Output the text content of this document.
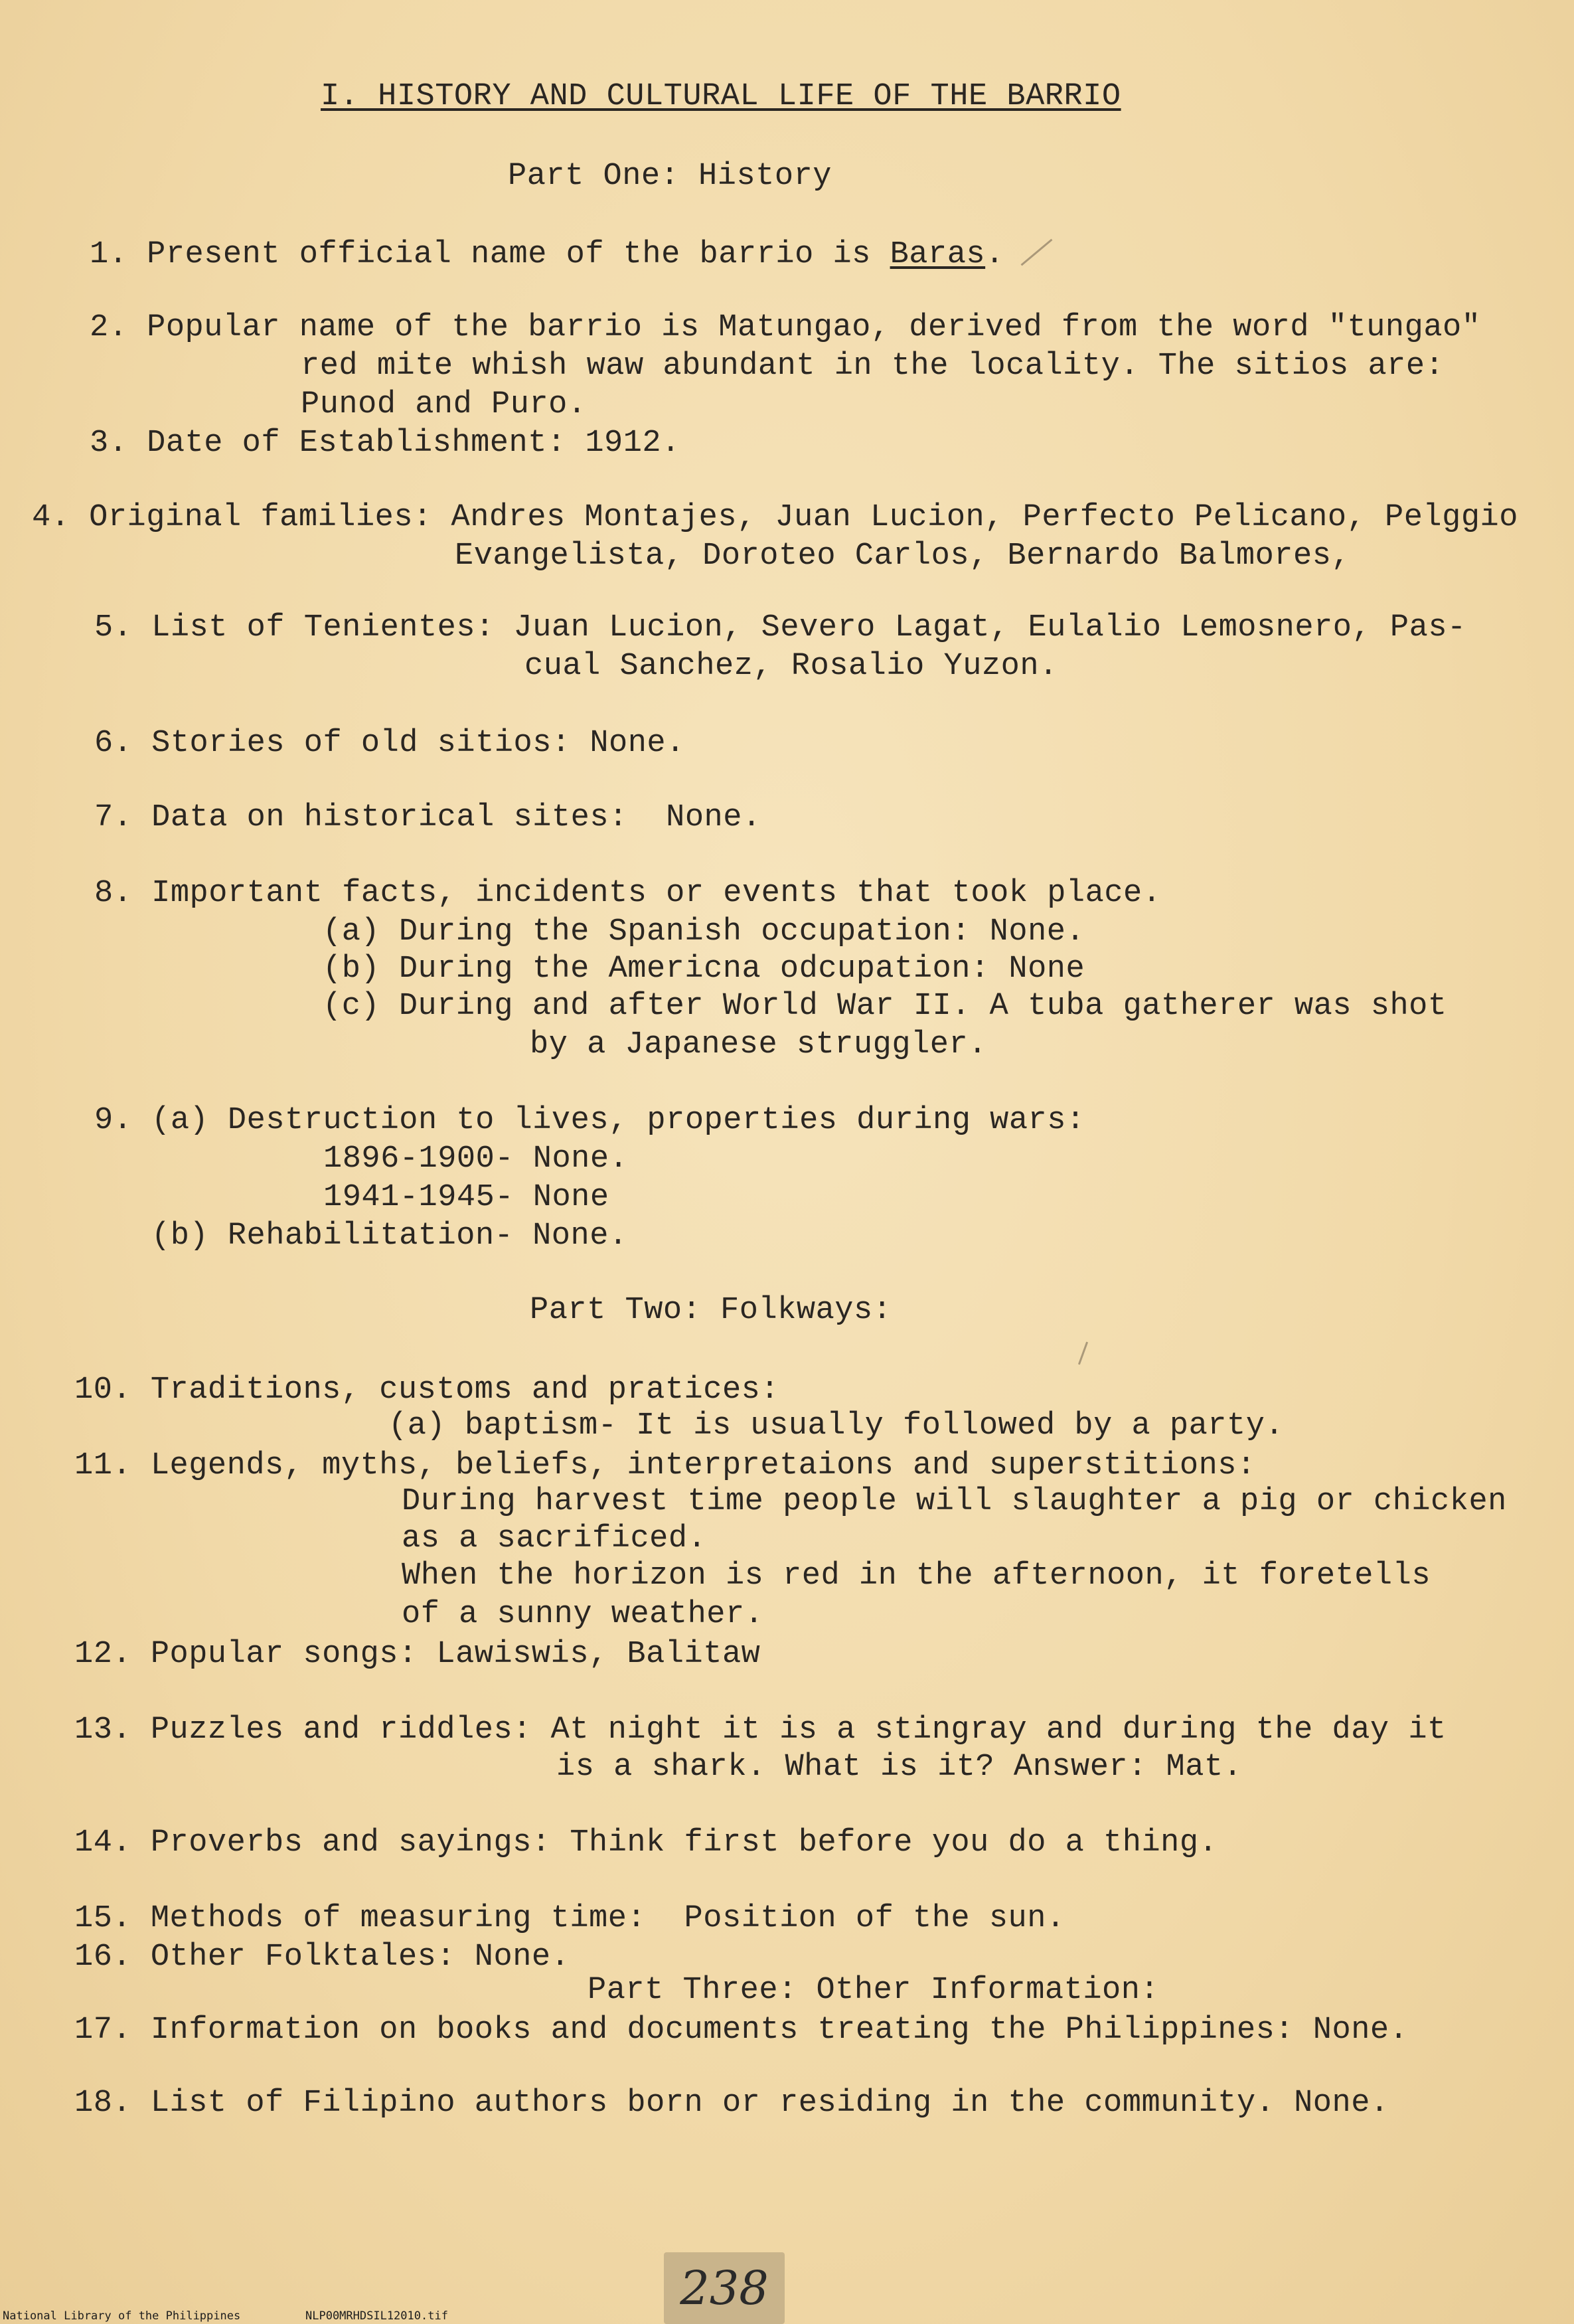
I. HISTORY AND CULTURAL LIFE OF THE BARRIO
Part One: History
1. Present official name of the barrio is Baras.
2. Popular name of the barrio is Matungao, derived from the word "tungao"
red mite whish waw abundant in the locality. The sitios are:
Punod and Puro.
3. Date of Establishment: 1912.
4. Original families: Andres Montajes, Juan Lucion, Perfecto Pelicano, Pelggio
Evangelista, Doroteo Carlos, Bernardo Balmores,
5. List of Tenientes: Juan Lucion, Severo Lagat, Eulalio Lemosnero, Pas-
cual Sanchez, Rosalio Yuzon.
6. Stories of old sitios: None.
7. Data on historical sites:  None.
8. Important facts, incidents or events that took place.
(a) During the Spanish occupation: None.
(b) During the Americna odcupation: None
(c) During and after World War II. A tuba gatherer was shot
by a Japanese struggler.
9. (a) Destruction to lives, properties during wars:
1896-1900- None.
1941-1945- None
(b) Rehabilitation- None.
Part Two: Folkways:
10. Traditions, customs and pratices:
(a) baptism- It is usually followed by a party.
11. Legends, myths, beliefs, interpretaions and superstitions:
During harvest time people will slaughter a pig or chicken
as a sacrificed.
When the horizon is red in the afternoon, it foretells
of a sunny weather.
12. Popular songs: Lawiswis, Balitaw
13. Puzzles and riddles: At night it is a stingray and during the day it
is a shark. What is it? Answer: Mat.
14. Proverbs and sayings: Think first before you do a thing.
15. Methods of measuring time:  Position of the sun.
16. Other Folktales: None.
Part Three: Other Information:
17. Information on books and documents treating the Philippines: None.
18. List of Filipino authors born or residing in the community. None.
238
National Library of the Philippines	NLP00MRHDSIL12010.tif
